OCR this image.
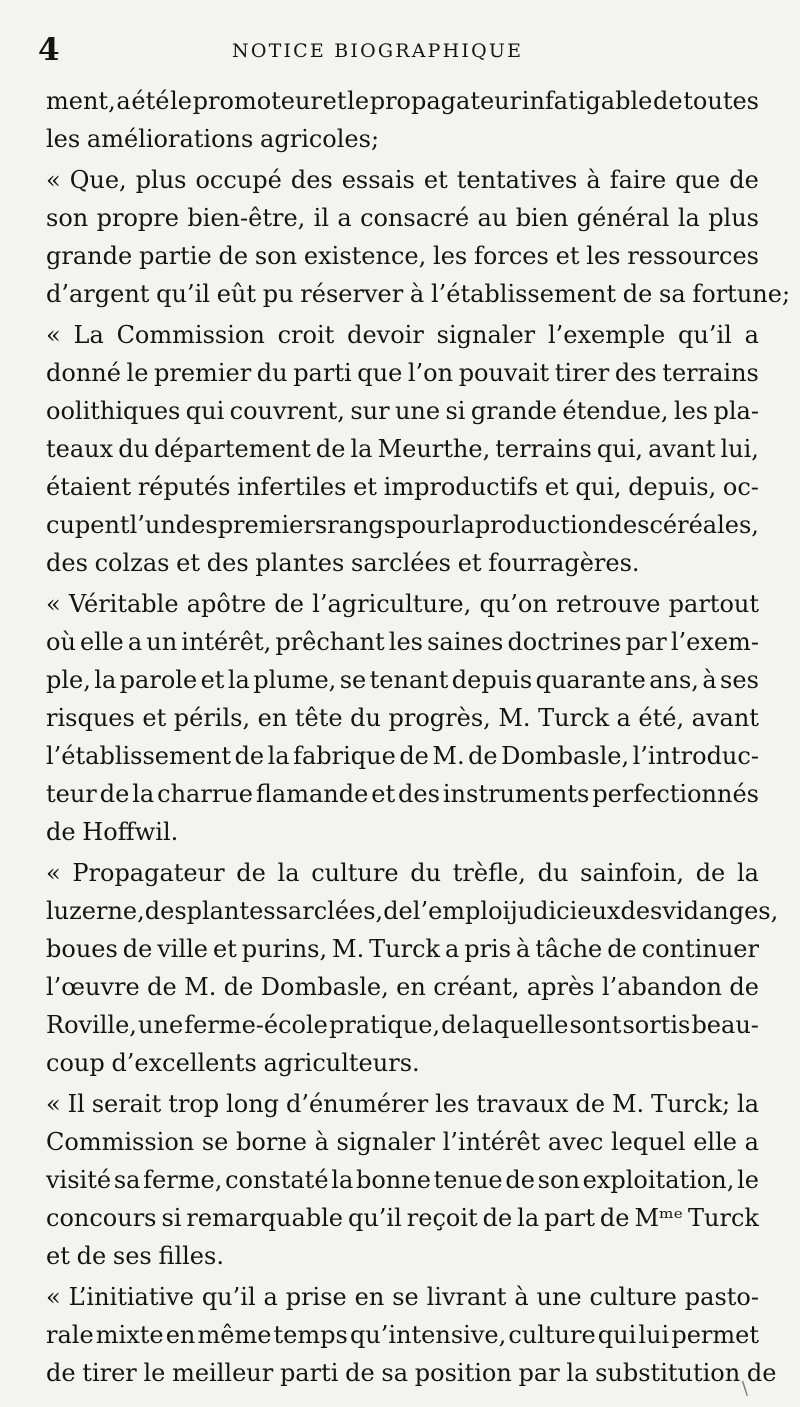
4	NOTICE BIOGRAPHIQUE
ment, a été le promoteur et le propagateur infatigable de toutes
les améliorations agricoles;
« Que, plus occupé des essais et tentatives à faire que de
son propre bien-être, il a consacré au bien général la plus
grande partie de son existence, les forces et les ressources
d’argent qu’il eût pu réserver à l’établissement de sa fortune;
« La Commission croit devoir signaler l’exemple qu’il a
donné le premier du parti que l’on pouvait tirer des terrains
oolithiques qui couvrent, sur une si grande étendue, les pla-
teaux du département de la Meurthe, terrains qui, avant lui,
étaient réputés infertiles et improductifs et qui, depuis, oc-
cupent l’un des premiers rangs pour la production des céréales,
des colzas et des plantes sarclées et fourragères.
« Véritable apôtre de l’agriculture, qu’on retrouve partout
où elle a un intérêt, prêchant les saines doctrines par l’exem-
ple, la parole et la plume, se tenant depuis quarante ans, à ses
risques et périls, en tête du progrès, M. Turck a été, avant
l’établissement de la fabrique de M. de Dombasle, l’introduc-
teur de la charrue flamande et des instruments perfectionnés
de Hoffwil.
« Propagateur de la culture du trèfle, du sainfoin, de la
luzerne, des plantes sarclées, de l’emploi judicieux des vidanges,
boues de ville et purins, M. Turck a pris à tâche de continuer
l’œuvre de M. de Dombasle, en créant, après l’abandon de
Roville, une ferme-école pratique, de laquelle sont sortis beau-
coup d’excellents agriculteurs.
« Il serait trop long d’énumérer les travaux de M. Turck; la
Commission se borne à signaler l’intérêt avec lequel elle a
visité sa ferme, constaté la bonne tenue de son exploitation, le
concours si remarquable qu’il reçoit de la part de Mᵐᵉ Turck
et de ses filles.
« L’initiative qu’il a prise en se livrant à une culture pasto-
rale mixte en même temps qu’intensive, culture qui lui permet
de tirer le meilleur parti de sa position par la substitution de
\
